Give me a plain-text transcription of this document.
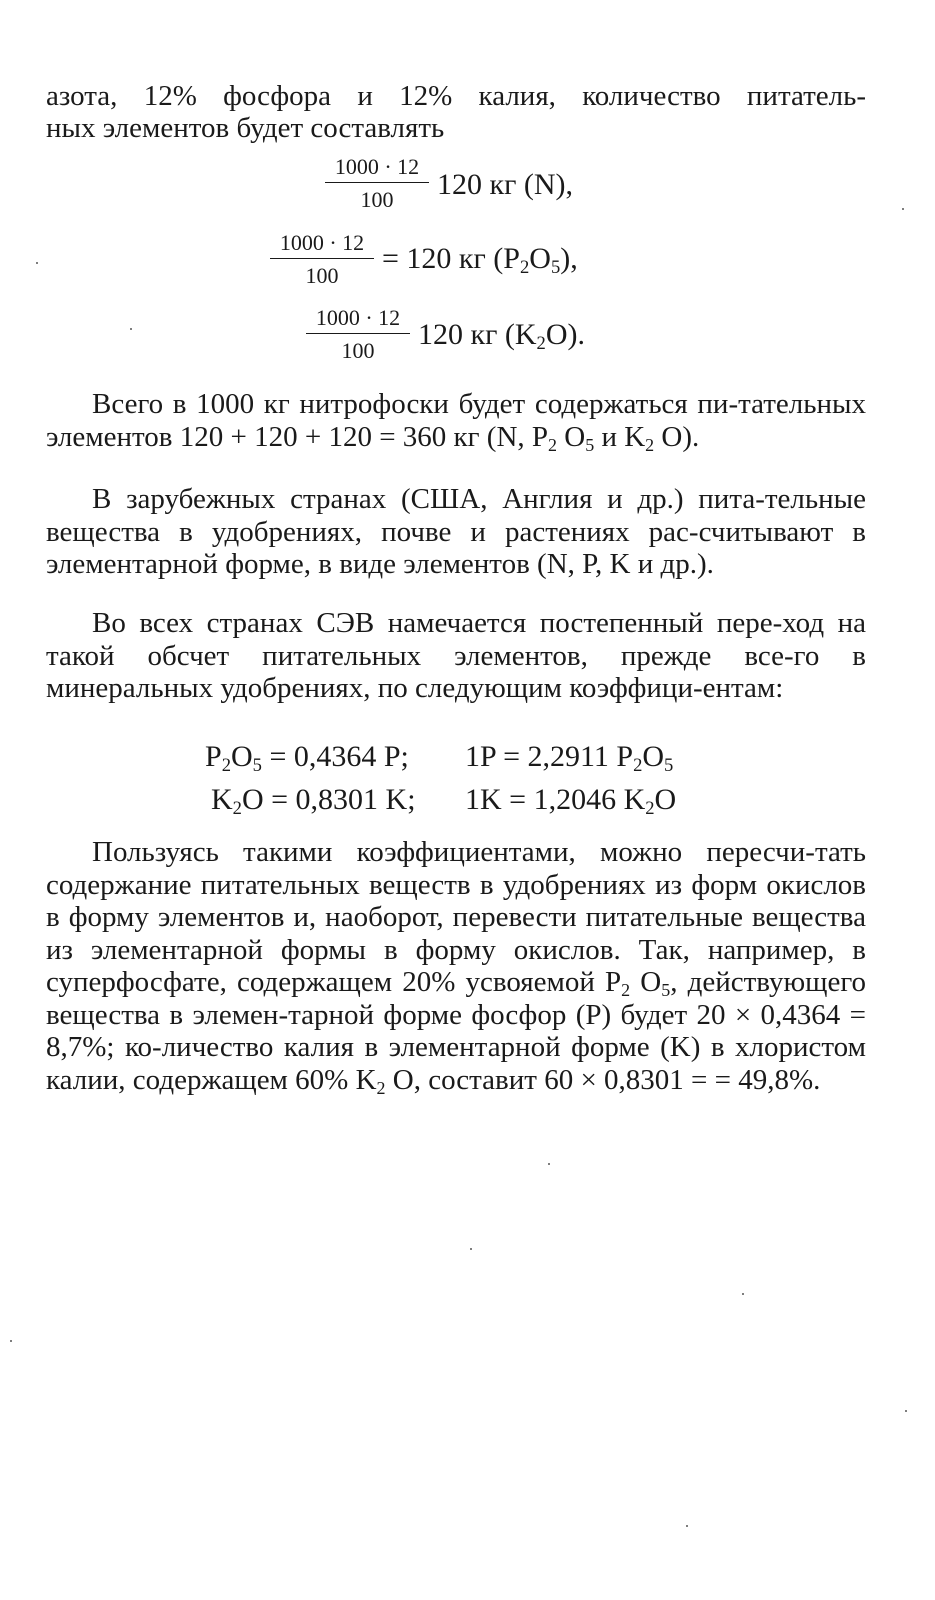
азота, 12% фосфора и 12% калия, количество питатель-

ных элементов будет составлять

$\frac{1000 \cdot 12}{100} 120$ кг (N),
$\frac{1000 \cdot 12}{100} = 120$ кг $(P_2O_5)$,
$\frac{1000 \cdot 12}{100} 120$ кг $(K_2O)$.

Всего в 1000 кг нитрофоски будет содержаться пи-тательных элементов 120 + 120 + 120 = 360 кг (N, $P_2$ $O_5$ и $K_2$ O).

В зарубежных странах (США, Англия и др.) пита-тельные вещества в удобрениях, почве и растениях рас-считывают в элементарной форме, в виде элементов (N, P, K и др.).

Во всех странах СЭВ намечается постепенный пере-ход на такой обсчет питательных элементов, прежде все-го в минеральных удобрениях, по следующим коэффици-ентам:

$P_2O_5 = 0,4364$ P; 1P = 2,2911 $P_2O_5$
$K_2O = 0,8301$ K; 1K = 1,2046 $K_2O$

Пользуясь такими коэффициентами, можно пересчи-тать содержание питательных веществ в удобрениях из форм окислов в форму элементов и, наоборот, перевести питательные вещества из элементарной формы в форму окислов. Так, например, в суперфосфате, содержащем 20% усвояемой $P_2$ $O_5$, действующего вещества в элемен-тарной форме фосфор (P) будет 20 × 0,4364 = 8,7%; ко-личество калия в элементарной форме (K) в хлористом калии, содержащем 60% $K_2$ O, составит 60 × 0,8301 = = 49,8%.
